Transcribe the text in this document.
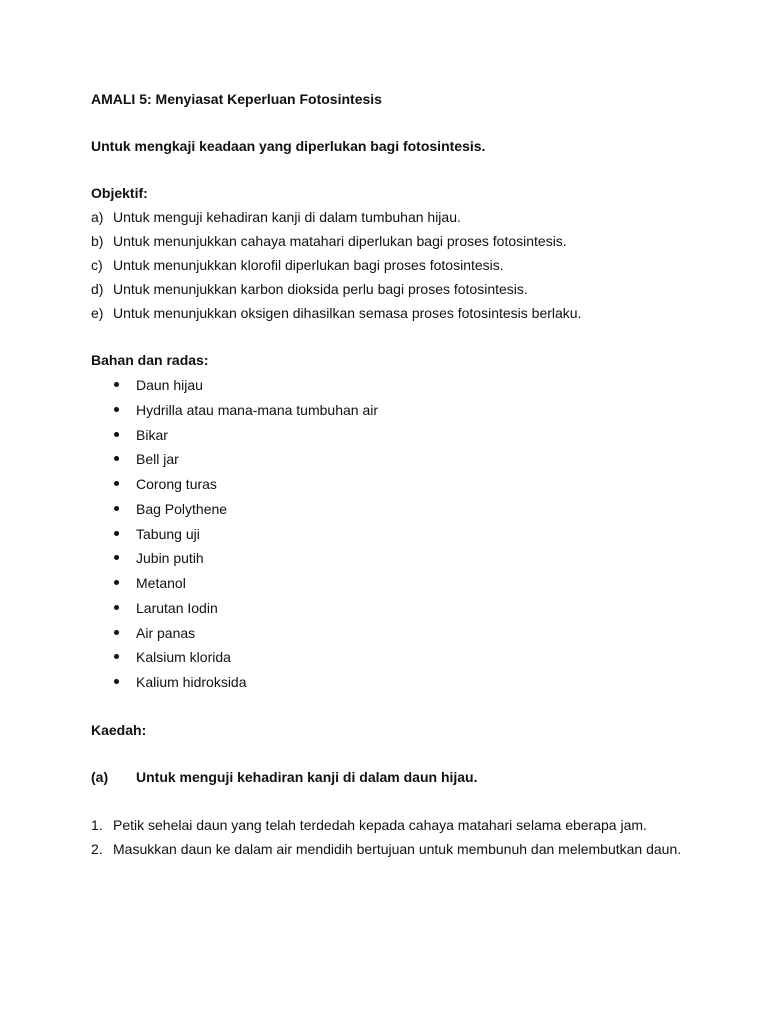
AMALI 5: Menyiasat Keperluan Fotosintesis
Untuk mengkaji keadaan yang diperlukan bagi fotosintesis.
Objektif:
a) Untuk menguji kehadiran kanji di dalam tumbuhan hijau.
b) Untuk menunjukkan cahaya matahari diperlukan bagi proses fotosintesis.
c) Untuk menunjukkan klorofil diperlukan bagi proses fotosintesis.
d) Untuk menunjukkan karbon dioksida perlu bagi proses fotosintesis.
e) Untuk menunjukkan oksigen dihasilkan semasa proses fotosintesis berlaku.
Bahan dan radas:
Daun hijau
Hydrilla atau mana-mana tumbuhan air
Bikar
Bell jar
Corong turas
Bag Polythene
Tabung uji
Jubin putih
Metanol
Larutan Iodin
Air panas
Kalsium klorida
Kalium hidroksida
Kaedah:
(a) Untuk menguji kehadiran kanji di dalam daun hijau.
1. Petik sehelai daun yang telah terdedah kepada cahaya matahari selama eberapa jam.
2. Masukkan daun ke dalam air mendidih bertujuan untuk membunuh dan melembutkan daun.
